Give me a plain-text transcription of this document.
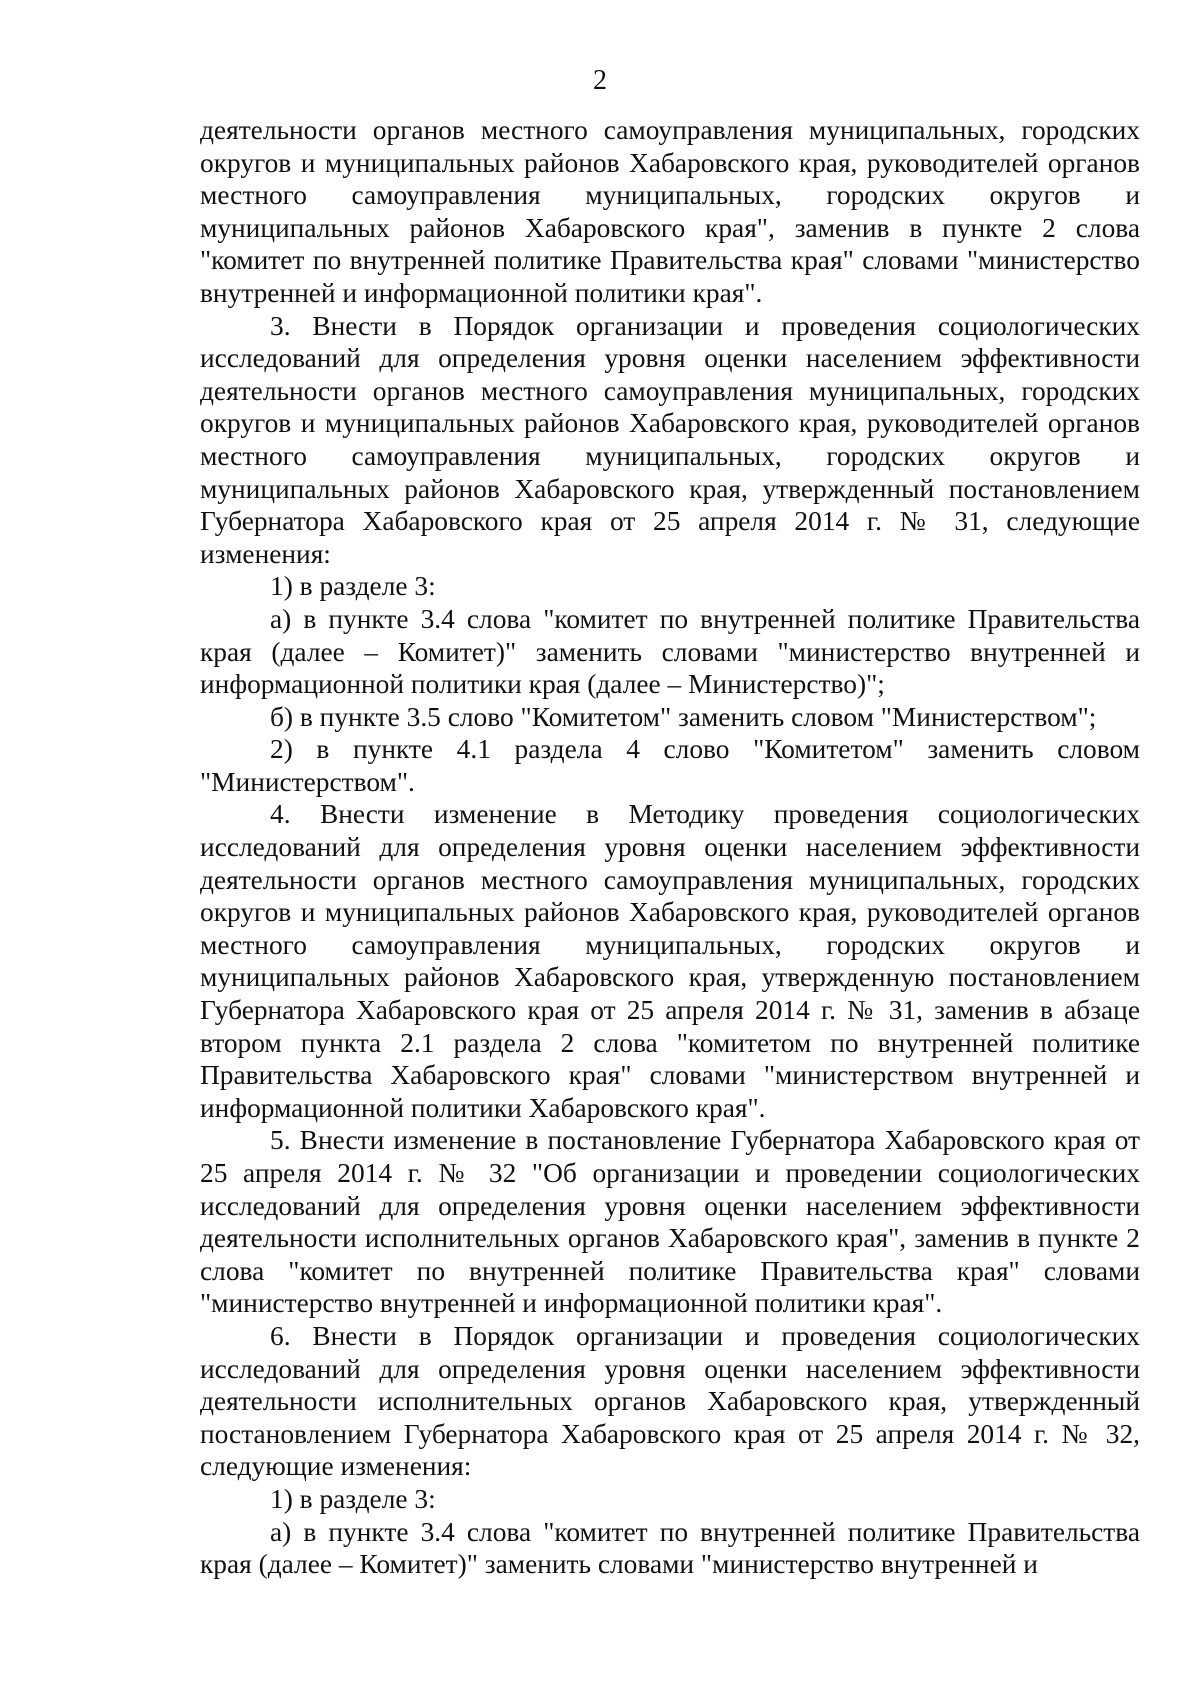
2

деятельности органов местного самоуправления муниципальных, городских округов и муниципальных районов Хабаровского края, руководителей органов местного самоуправления муниципальных, городских округов и муниципальных районов Хабаровского края", заменив в пункте 2 слова "комитет по внутренней политике Правительства края" словами "министерство внутренней и информационной политики края".

3. Внести в Порядок организации и проведения социологических исследований для определения уровня оценки населением эффективности деятельности органов местного самоуправления муниципальных, городских округов и муниципальных районов Хабаровского края, руководителей органов местного самоуправления муниципальных, городских округов и муниципальных районов Хабаровского края, утвержденный постановлением Губернатора Хабаровского края от 25 апреля 2014 г. № 31, следующие изменения:

1) в разделе 3:

а) в пункте 3.4 слова "комитет по внутренней политике Правительства края (далее – Комитет)" заменить словами "министерство внутренней и информационной политики края (далее – Министерство)";

б) в пункте 3.5 слово "Комитетом" заменить словом "Министерством";

2) в пункте 4.1 раздела 4 слово "Комитетом" заменить словом "Министерством".

4. Внести изменение в Методику проведения социологических исследований для определения уровня оценки населением эффективности деятельности органов местного самоуправления муниципальных, городских округов и муниципальных районов Хабаровского края, руководителей органов местного самоуправления муниципальных, городских округов и муниципальных районов Хабаровского края, утвержденную постановлением Губернатора Хабаровского края от 25 апреля 2014 г. № 31, заменив в абзаце втором пункта 2.1 раздела 2 слова "комитетом по внутренней политике Правительства Хабаровского края" словами "министерством внутренней и информационной политики Хабаровского края".

5. Внести изменение в постановление Губернатора Хабаровского края от 25 апреля 2014 г. № 32 "Об организации и проведении социологических исследований для определения уровня оценки населением эффективности деятельности исполнительных органов Хабаровского края", заменив в пункте 2 слова "комитет по внутренней политике Правительства края" словами "министерство внутренней и информационной политики края".

6. Внести в Порядок организации и проведения социологических исследований для определения уровня оценки населением эффективности деятельности исполнительных органов Хабаровского края, утвержденный постановлением Губернатора Хабаровского края от 25 апреля 2014 г. № 32, следующие изменения:

1) в разделе 3:

а) в пункте 3.4 слова "комитет по внутренней политике Правительства края (далее – Комитет)" заменить словами "министерство внутренней и
